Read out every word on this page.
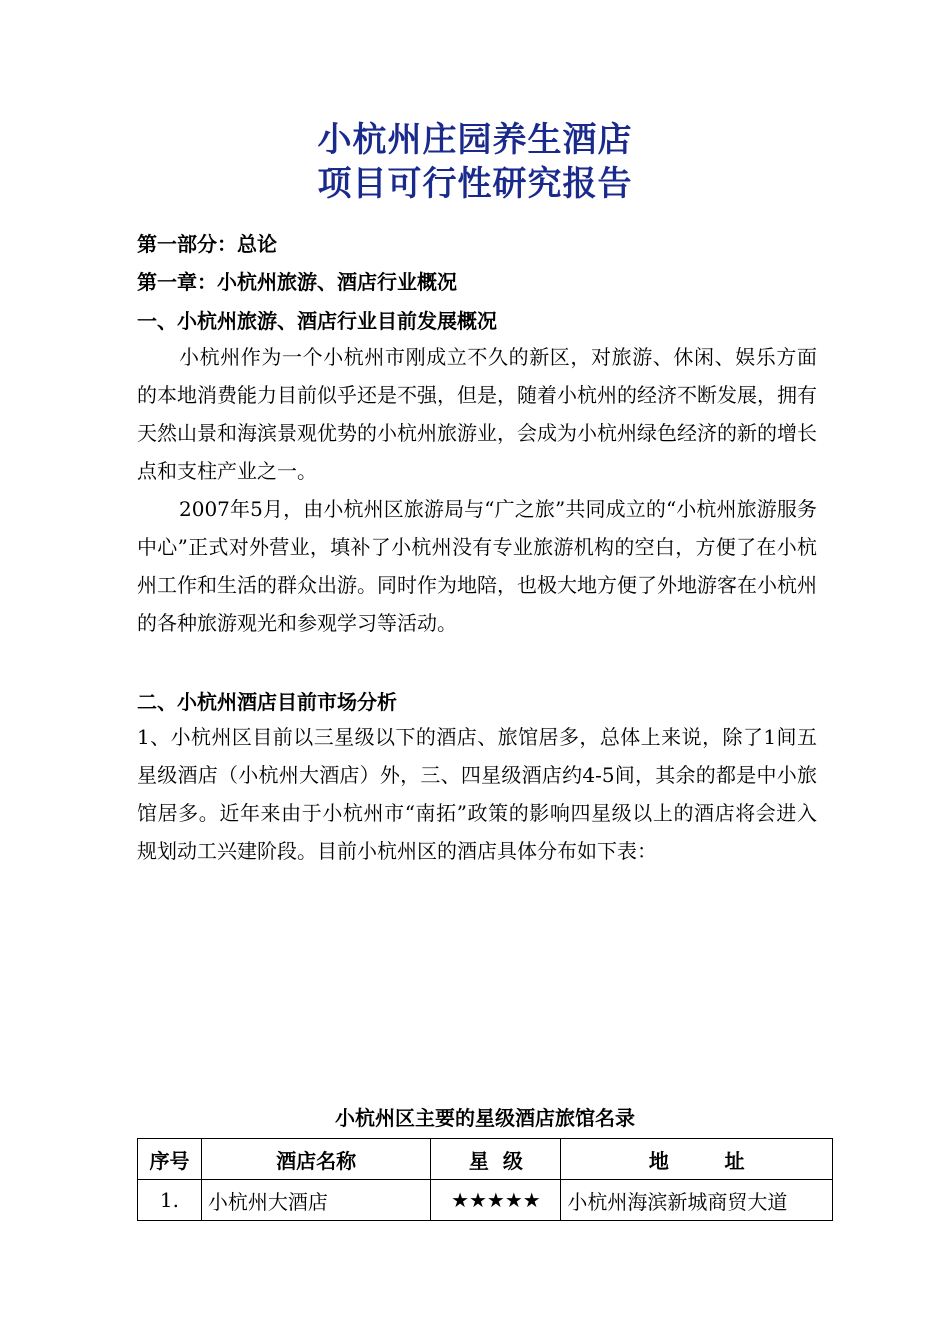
小杭州庄园养生酒店
项目可行性研究报告
第一部分：总论
第一章：小杭州旅游、酒店行业概况
一、小杭州旅游、酒店行业目前发展概况

小杭州作为一个小杭州市刚成立不久的新区，对旅游、休闲、娱乐方面的本地消费能力目前似乎还是不强，但是，随着小杭州的经济不断发展，拥有天然山景和海滨景观优势的小杭州旅游业，会成为小杭州绿色经济的新的增长点和支柱产业之一。

2007年5月，由小杭州区旅游局与“广之旅”共同成立的“小杭州旅游服务中心”正式对外营业，填补了小杭州没有专业旅游机构的空白，方便了在小杭州工作和生活的群众出游。同时作为地陪，也极大地方便了外地游客在小杭州的各种旅游观光和参观学习等活动。

二、小杭州酒店目前市场分析

1、小杭州区目前以三星级以下的酒店、旅馆居多，总体上来说，除了1间五星级酒店（小杭州大酒店）外，三、四星级酒店约4-5间，其余的都是中小旅馆居多。近年来由于小杭州市“南拓”政策的影响四星级以上的酒店将会进入规划动工兴建阶段。目前小杭州区的酒店具体分布如下表：

小杭州区主要的星级酒店旅馆名录
序号	酒店名称	星  级	地        址
1.	小杭州大酒店	★★★★★	小杭州海滨新城商贸大道
